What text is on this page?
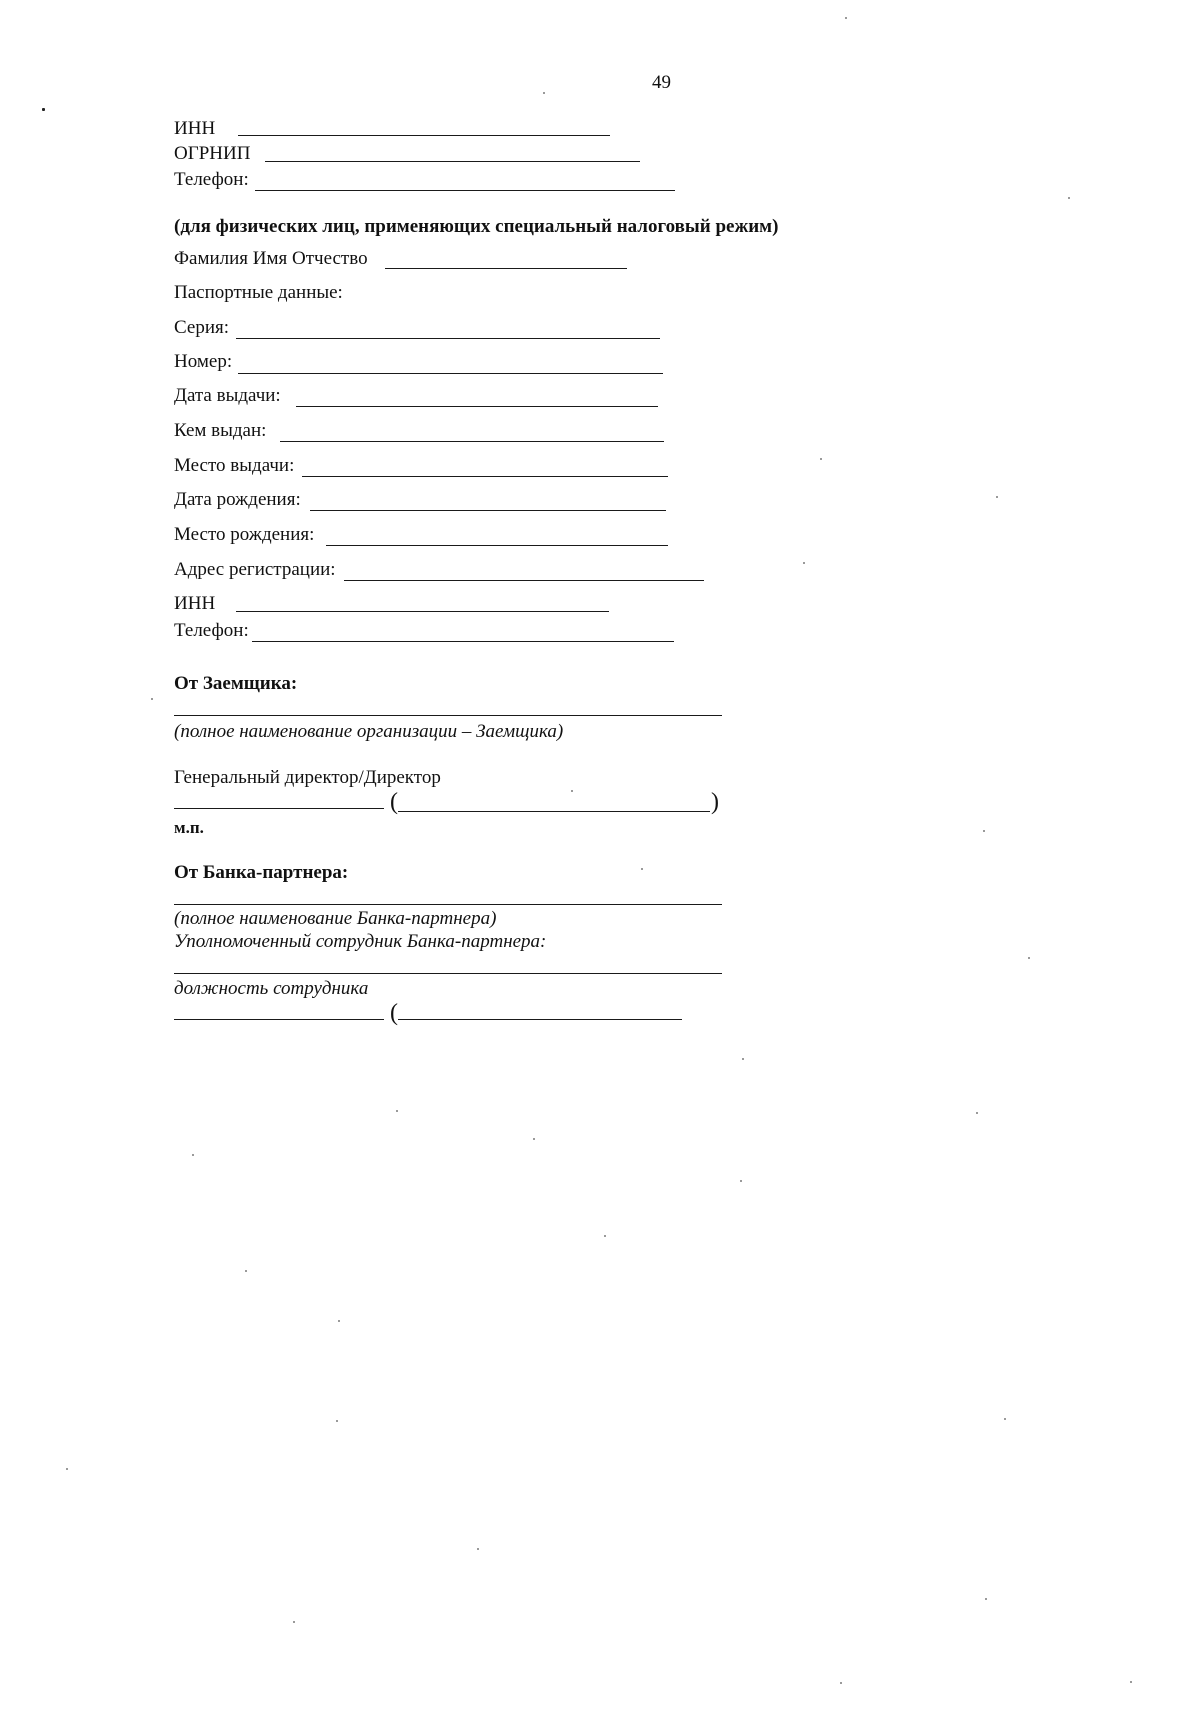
49
ИНН
ОГРНИП
Телефон:
(для физических лиц, применяющих специальный налоговый режим)
Фамилия Имя Отчество
Паспортные данные:
Серия:
Номер:
Дата выдачи:
Кем выдан:
Место выдачи:
Дата рождения:
Место рождения:
Адрес регистрации:
ИНН
Телефон:
От Заемщика:
(полное наименование организации – Заемщика)
Генеральный директор/Директор
(	)
м.п.
От Банка-партнера:
(полное наименование Банка-партнера)
Уполномоченный сотрудник Банка-партнера:
должность сотрудника
(
